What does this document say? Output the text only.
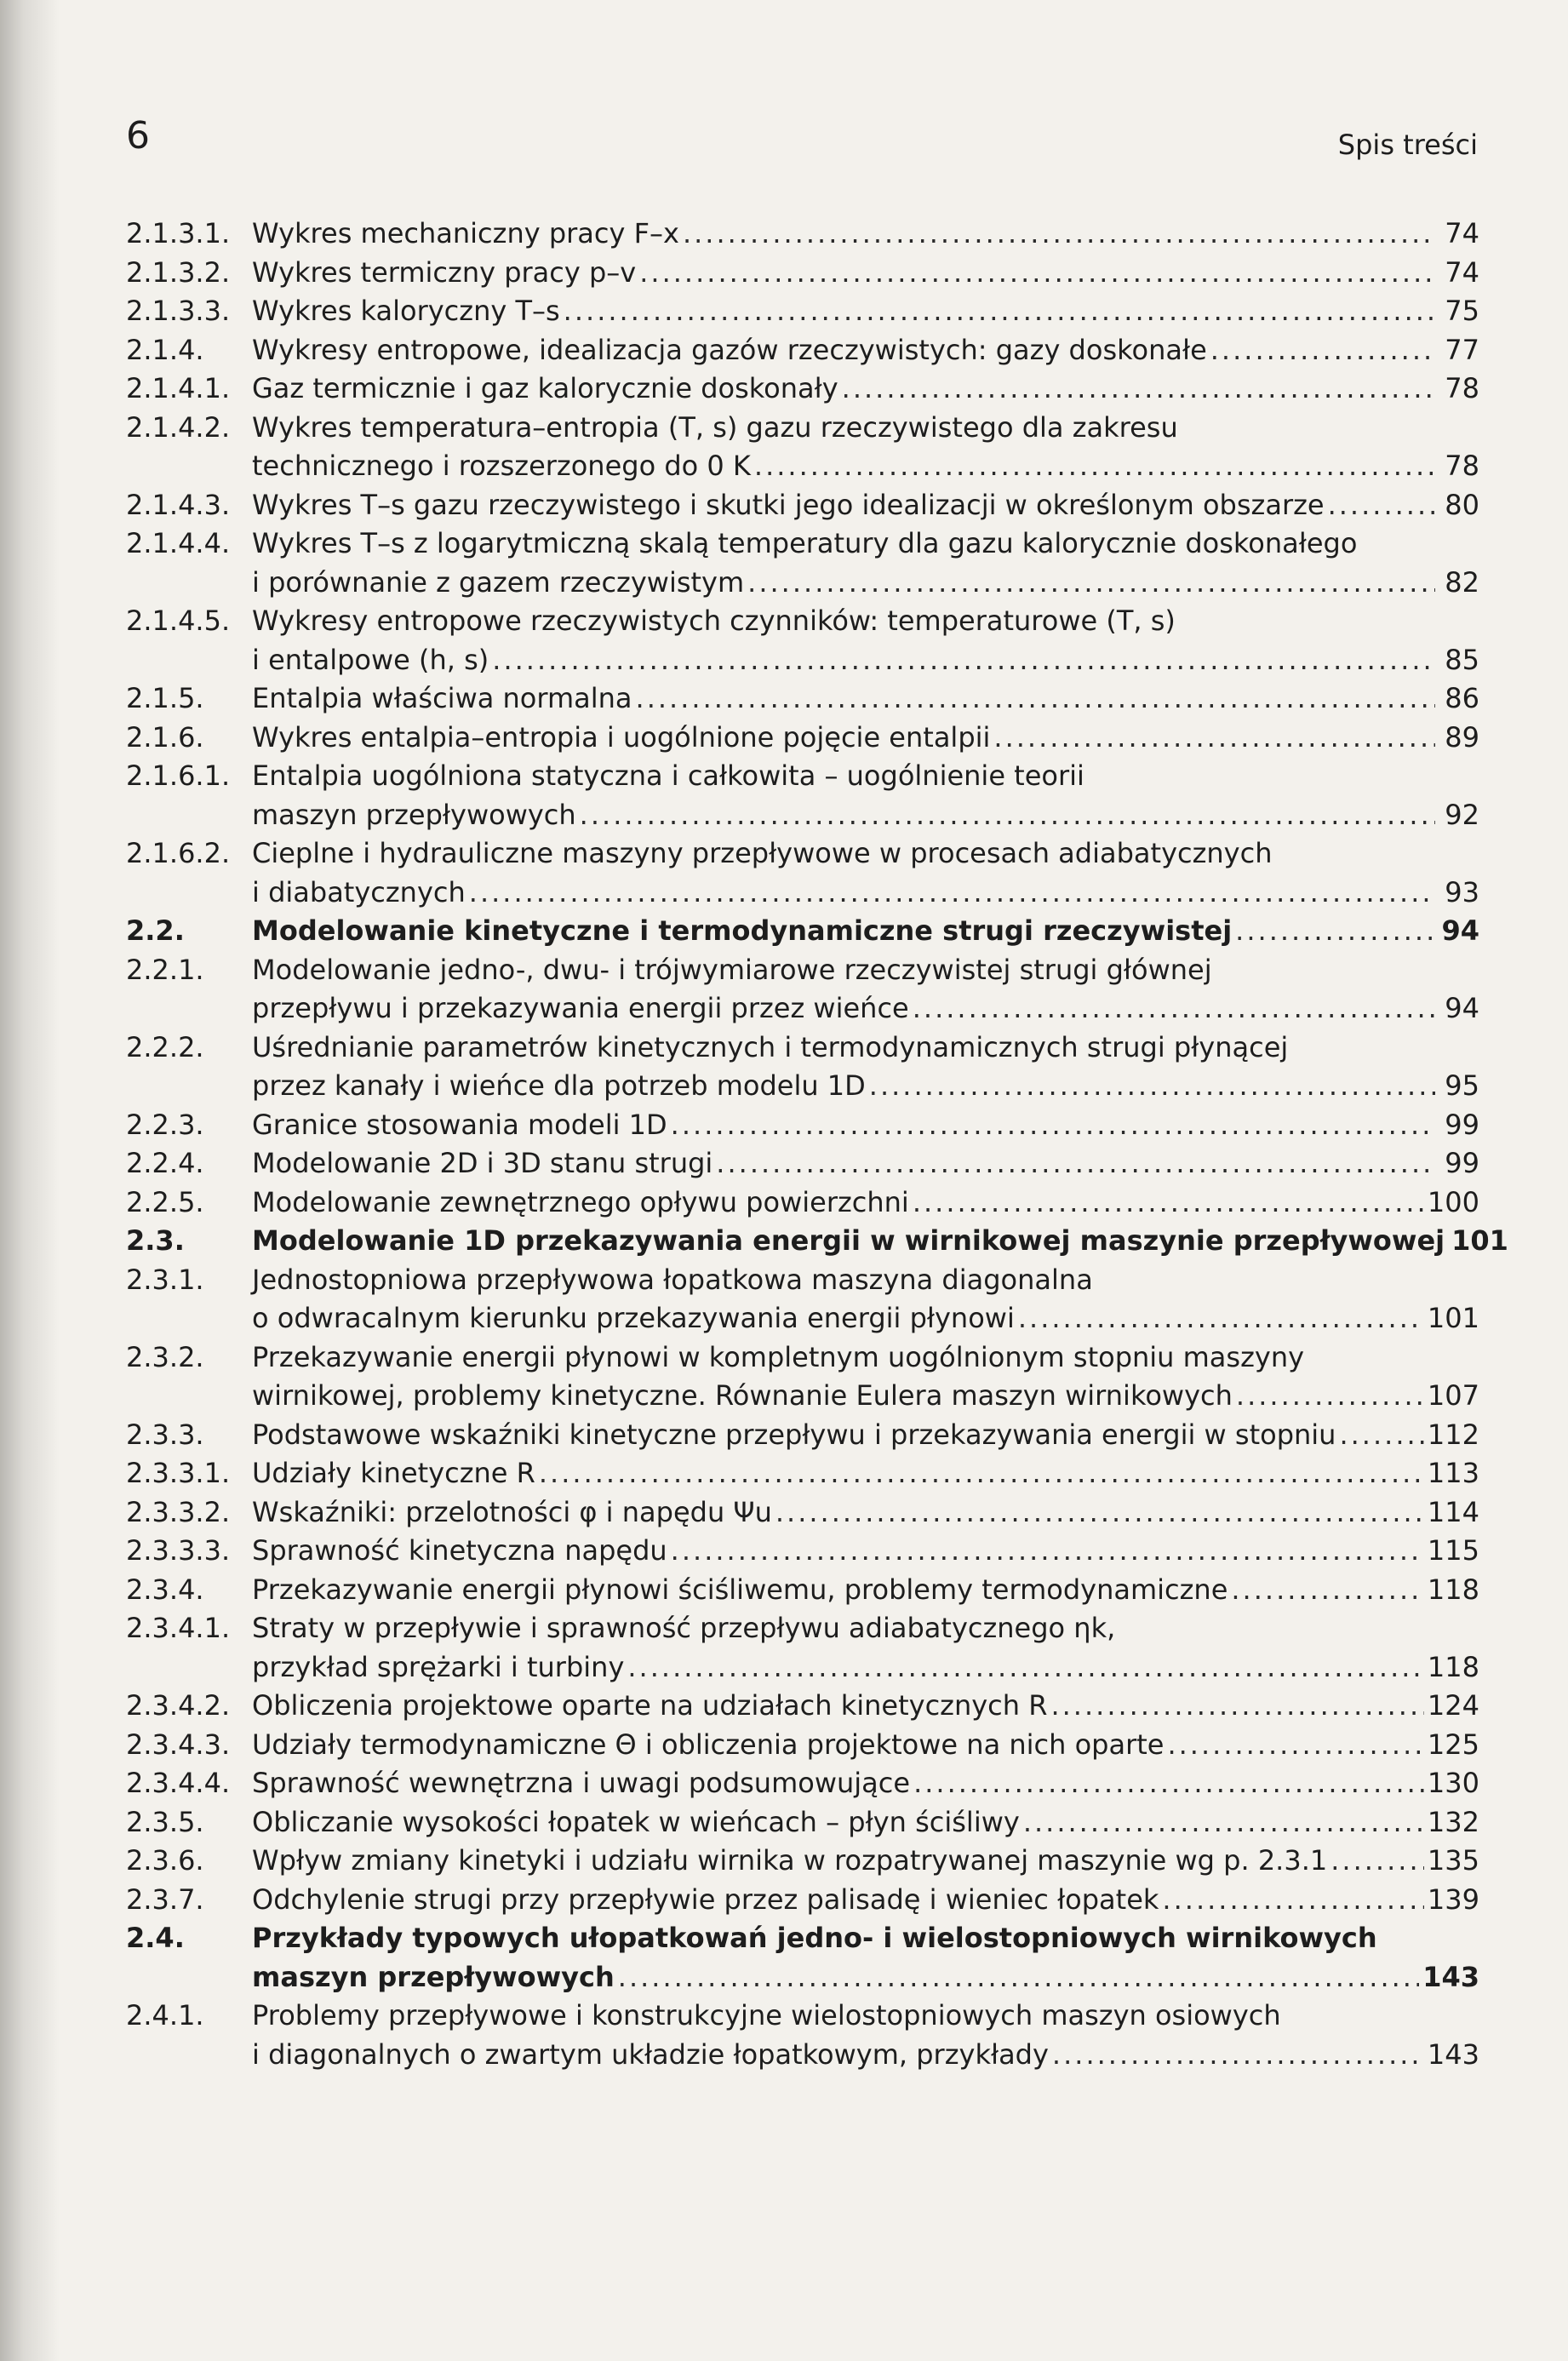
6	Spis treści
2.1.3.1. Wykres mechaniczny pracy F–x .....	74
2.1.3.2. Wykres termiczny pracy p–v .....	74
2.1.3.3. Wykres kaloryczny T–s .....	75
2.1.4.	Wykresy entropowe, idealizacja gazów rzeczywistych: gazy doskonałe .....	77
2.1.4.1. Gaz termicznie i gaz kalorycznie doskonały .....	78
2.1.4.2. Wykres temperatura–entropia (T, s) gazu rzeczywistego dla zakresu
technicznego i rozszerzonego do 0 K .....	78
2.1.4.3. Wykres T–s gazu rzeczywistego i skutki jego idealizacji w określonym obszarze .....	80
2.1.4.4. Wykres T–s z logarytmiczną skalą temperatury dla gazu kalorycznie doskonałego
i porównanie z gazem rzeczywistym .....	82
2.1.4.5. Wykresy entropowe rzeczywistych czynników: temperaturowe (T, s)
i entalpowe (h, s) .....	85
2.1.5.	Entalpia właściwa normalna .....	86
2.1.6.	Wykres entalpia–entropia i uogólnione pojęcie entalpii .....	89
2.1.6.1. Entalpia uogólniona statyczna i całkowita – uogólnienie teorii
maszyn przepływowych .....	92
2.1.6.2. Cieplne i hydrauliczne maszyny przepływowe w procesach adiabatycznych
i diabatycznych .....	93
2.2.	Modelowanie kinetyczne i termodynamiczne strugi rzeczywistej .....	94
2.2.1.	Modelowanie jedno-, dwu- i trójwymiarowe rzeczywistej strugi głównej
przepływu i przekazywania energii przez wieńce .....	94
2.2.2.	Uśrednianie parametrów kinetycznych i termodynamicznych strugi płynącej
przez kanały i wieńce dla potrzeb modelu 1D .....	95
2.2.3.	Granice stosowania modeli 1D .....	99
2.2.4.	Modelowanie 2D i 3D stanu strugi .....	99
2.2.5.	Modelowanie zewnętrznego opływu powierzchni .....	100
2.3.	Modelowanie 1D przekazywania energii w wirnikowej maszynie przepływowej 101
2.3.1.	Jednostopniowa przepływowa łopatkowa maszyna diagonalna
o odwracalnym kierunku przekazywania energii płynowi .....	101
2.3.2.	Przekazywanie energii płynowi w kompletnym uogólnionym stopniu maszyny
wirnikowej, problemy kinetyczne. Równanie Eulera maszyn wirnikowych .....	107
2.3.3.	Podstawowe wskaźniki kinetyczne przepływu i przekazywania energii w stopniu .....	112
2.3.3.1. Udziały kinetyczne R .....	113
2.3.3.2. Wskaźniki: przelotności φ i napędu Ψu .....	114
2.3.3.3. Sprawność kinetyczna napędu .....	115
2.3.4.	Przekazywanie energii płynowi ściśliwemu, problemy termodynamiczne .....	118
2.3.4.1. Straty w przepływie i sprawność przepływu adiabatycznego ηk,
przykład sprężarki i turbiny .....	118
2.3.4.2. Obliczenia projektowe oparte na udziałach kinetycznych R .....	124
2.3.4.3. Udziały termodynamiczne Θ i obliczenia projektowe na nich oparte .....	125
2.3.4.4. Sprawność wewnętrzna i uwagi podsumowujące .....	130
2.3.5.	Obliczanie wysokości łopatek w wieńcach – płyn ściśliwy .....	132
2.3.6.	Wpływ zmiany kinetyki i udziału wirnika w rozpatrywanej maszynie wg p. 2.3.1 .....	135
2.3.7.	Odchylenie strugi przy przepływie przez palisadę i wieniec łopatek .....	139
2.4.	Przykłady typowych ułopatkowań jedno- i wielostopniowych wirnikowych
maszyn przepływowych .....	143
2.4.1.	Problemy przepływowe i konstrukcyjne wielostopniowych maszyn osiowych
i diagonalnych o zwartym układzie łopatkowym, przykłady .....	143
